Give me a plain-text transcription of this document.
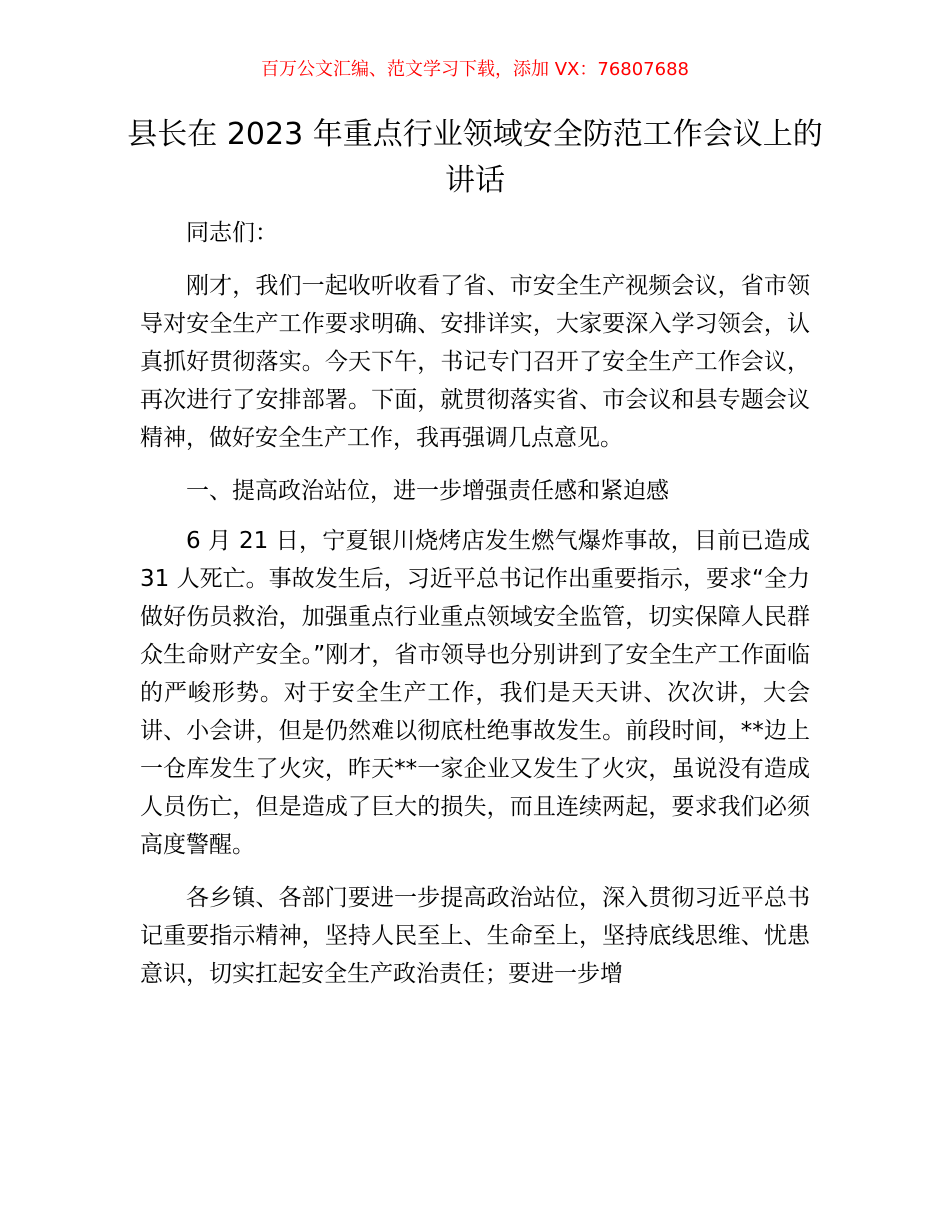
百万公文汇编、范文学习下载，添加 VX：76807688
县长在 2023 年重点行业领域安全防范工作会议上的讲话

同志们：

刚才，我们一起收听收看了省、市安全生产视频会议，省市领导对安全生产工作要求明确、安排详实，大家要深入学习领会，认真抓好贯彻落实。今天下午，书记专门召开了安全生产工作会议，再次进行了安排部署。下面，就贯彻落实省、市会议和县专题会议精神，做好安全生产工作，我再强调几点意见。

一、提高政治站位，进一步增强责任感和紧迫感

6 月 21 日，宁夏银川烧烤店发生燃气爆炸事故，目前已造成 31 人死亡。事故发生后，习近平总书记作出重要指示，要求“全力做好伤员救治，加强重点行业重点领域安全监管，切实保障人民群众生命财产安全。”刚才，省市领导也分别讲到了安全生产工作面临的严峻形势。对于安全生产工作，我们是天天讲、次次讲，大会讲、小会讲，但是仍然难以彻底杜绝事故发生。前段时间，**边上一仓库发生了火灾，昨天**一家企业又发生了火灾，虽说没有造成人员伤亡，但是造成了巨大的损失，而且连续两起，要求我们必须高度警醒。

各乡镇、各部门要进一步提高政治站位，深入贯彻习近平总书记重要指示精神，坚持人民至上、生命至上，坚持底线思维、忧患意识，切实扛起安全生产政治责任；要进一步增
